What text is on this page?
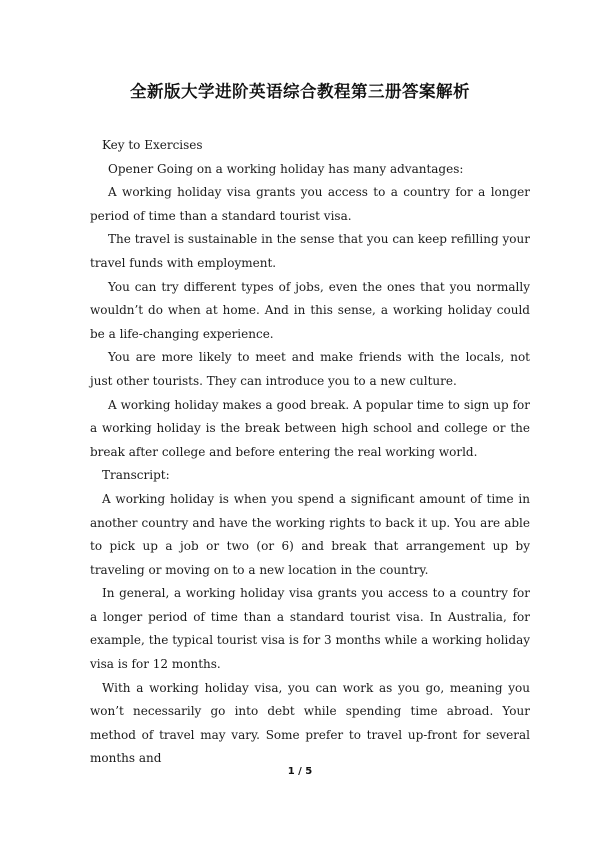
全新版大学进阶英语综合教程第三册答案解析

Key to Exercises

Opener Going on a working holiday has many advantages:

A working holiday visa grants you access to a country for a longer period of time than a standard tourist visa.

The travel is sustainable in the sense that you can keep refilling your travel funds with employment.

You can try different types of jobs, even the ones that you normally wouldn’t do when at home. And in this sense, a working holiday could be a life-changing experience.

You are more likely to meet and make friends with the locals, not just other tourists. They can introduce you to a new culture.

A working holiday makes a good break. A popular time to sign up for a working holiday is the break between high school and college or the break after college and before entering the real working world.

Transcript:

A working holiday is when you spend a significant amount of time in another country and have the working rights to back it up. You are able to pick up a job or two (or 6) and break that arrangement up by traveling or moving on to a new location in the country.

In general, a working holiday visa grants you access to a country for a longer period of time than a standard tourist visa. In Australia, for example, the typical tourist visa is for 3 months while a working holiday visa is for 12 months.

With a working holiday visa, you can work as you go, meaning you won’t necessarily go into debt while spending time abroad. Your method of travel may vary. Some prefer to travel up-front for several months and

1 / 5
